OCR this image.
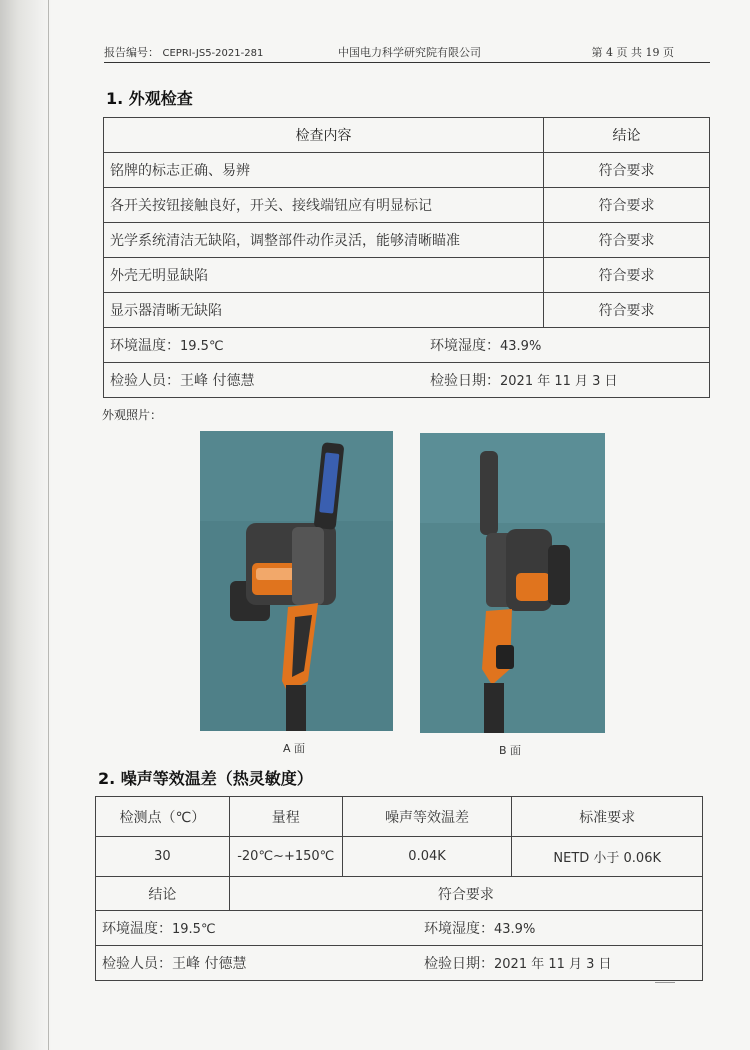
报告编号： CEPRI-JS5-2021-281	中国电力科学研究院有限公司	第 4 页 共 19 页
1. 外观检查
检查内容	结论
铭牌的标志正确、易辨	符合要求
各开关按钮接触良好，开关、接线端钮应有明显标记	符合要求
光学系统清洁无缺陷，调整部件动作灵活，能够清晰瞄准	符合要求
外壳无明显缺陷	符合要求
显示器清晰无缺陷	符合要求
环境温度：19.5℃ 环境湿度：43.9%	
检验人员：王峰 付德慧 检验日期：2021 年 11 月 3 日	
外观照片：
A 面	B 面
2. 噪声等效温差（热灵敏度）
检测点（℃）	量程	噪声等效温差	标准要求
30	-20℃~+150℃	0.04K	NETD 小于 0.06K
结论	符合要求		
环境温度：19.5℃ 环境湿度：43.9%			
检验人员：王峰 付德慧 检验日期：2021 年 11 月 3 日			
